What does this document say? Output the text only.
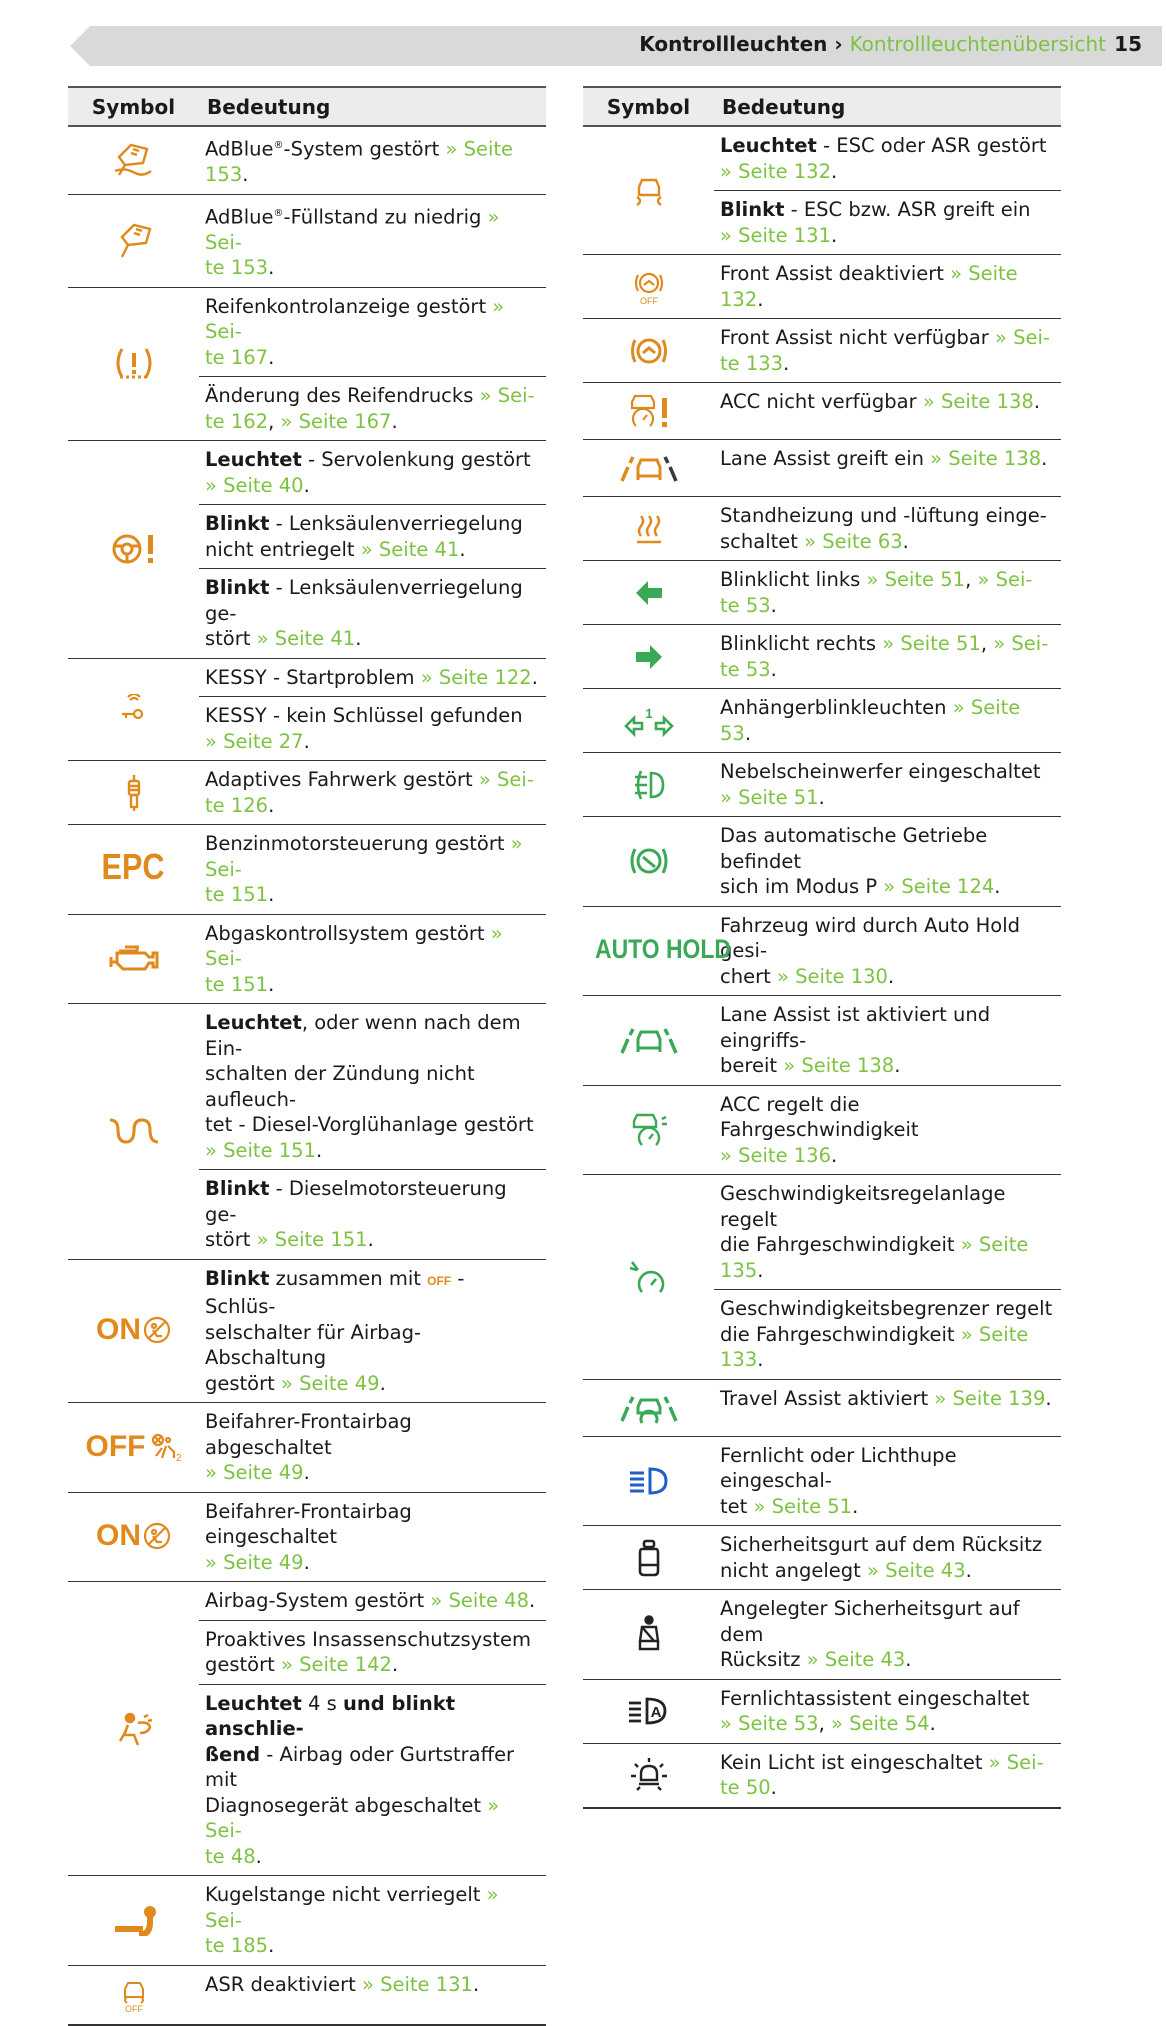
Kontrollleuchten › Kontrollleuchtenübersicht 15
Symbol	Bedeutung

	AdBlue®-System gestört » Seite 153.

	AdBlue®-Füllstand zu niedrig » Sei-
te 153.

	Reifenkontrolanzeige gestört » Sei-
te 167.
	Änderung des Reifendrucks » Sei-
te 162, » Seite 167.

	Leuchtet - Servolenkung gestört
» Seite 40.
	Blinkt - Lenksäulenverriegelung
nicht entriegelt » Seite 41.
	Blinkt - Lenksäulenverriegelung ge-
stört » Seite 41.

	KESSY - Startproblem » Seite 122.
	KESSY - kein Schlüssel gefunden
» Seite 27.

	Adaptives Fahrwerk gestört » Sei-
te 126.
EPC	Benzinmotorsteuerung gestört » Sei-
te 151.

	Abgaskontrollsystem gestört » Sei-
te 151.

	Leuchtet, oder wenn nach dem Ein-
schalten der Zündung nicht aufleuch-
tet - Diesel-Vorglühanlage gestört
» Seite 151.
	Blinkt - Dieselmotorsteuerung ge-
stört » Seite 151.

ON	Blinkt zusammen mit OFF - Schlüs-
selschalter für Airbag-Abschaltung
gestört » Seite 49.

OFF 2	Beifahrer-Frontairbag abgeschaltet
» Seite 49.

ON	Beifahrer-Frontairbag eingeschaltet
» Seite 49.

	Airbag-System gestört » Seite 48.
	Proaktives Insassenschutzsystem
gestört » Seite 142.
	Leuchtet 4 s und blinkt anschlie-
ßend - Airbag oder Gurtstraffer mit
Diagnosegerät abgeschaltet » Sei-
te 48.

	Kugelstange nicht verriegelt » Sei-
te 185.

OFF	ASR deaktiviert » Seite 131.
Symbol	Bedeutung

	Leuchtet - ESC oder ASR gestört
» Seite 132.
	Blinkt - ESC bzw. ASR greift ein
» Seite 131.

OFF	Front Assist deaktiviert » Seite 132.

	Front Assist nicht verfügbar » Sei-
te 133.

	ACC nicht verfügbar » Seite 138.

	Lane Assist greift ein » Seite 138.

	Standheizung und -lüftung einge-
schaltet » Seite 63.

	Blinklicht links » Seite 51, » Sei-
te 53.

	Blinklicht rechts » Seite 51, » Sei-
te 53.

1	Anhängerblinkleuchten » Seite 53.

	Nebelscheinwerfer eingeschaltet
» Seite 51.

	Das automatische Getriebe befindet
sich im Modus P » Seite 124.
AUTO HOLD	Fahrzeug wird durch Auto Hold gesi-
chert » Seite 130.

	Lane Assist ist aktiviert und eingriffs-
bereit » Seite 138.

	ACC regelt die Fahrgeschwindigkeit
» Seite 136.

	Geschwindigkeitsregelanlage regelt
die Fahrgeschwindigkeit » Seite 135.
	Geschwindigkeitsbegrenzer regelt
die Fahrgeschwindigkeit » Seite 133.

	Travel Assist aktiviert » Seite 139.

	Fernlicht oder Lichthupe eingeschal-
tet » Seite 51.

	Sicherheitsgurt auf dem Rücksitz
nicht angelegt » Seite 43.

	Angelegter Sicherheitsgurt auf dem
Rücksitz » Seite 43.

A	Fernlichtassistent eingeschaltet
» Seite 53, » Seite 54.

	Kein Licht ist eingeschaltet » Sei-
te 50.
